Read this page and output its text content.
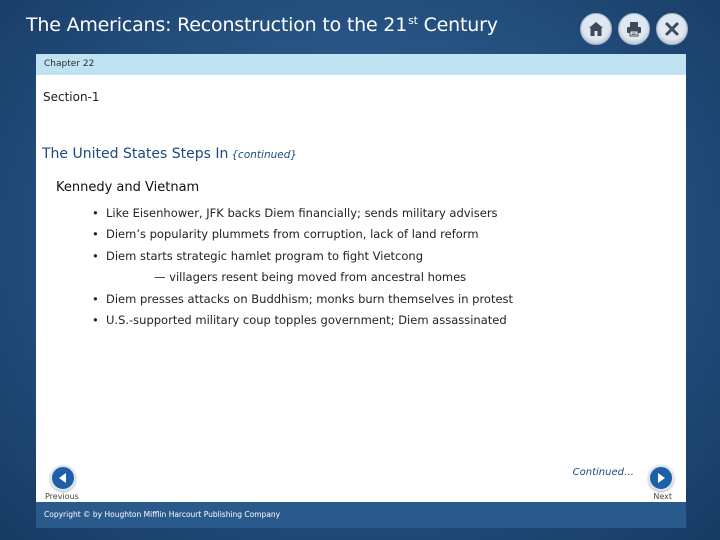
The Americans: Reconstruction to the 21st Century
Chapter 22
Section-1
The United States Steps In {continued}
Kennedy and Vietnam
• Like Eisenhower, JFK backs Diem financially; sends military advisers
• Diem’s popularity plummets from corruption, lack of land reform
• Diem starts strategic hamlet program to fight Vietcong
— villagers resent being moved from ancestral homes
• Diem presses attacks on Buddhism; monks burn themselves in protest
• U.S.-supported military coup topples government; Diem assassinated
Continued…
Previous	Next
Copyright © by Houghton Mifflin Harcourt Publishing Company
